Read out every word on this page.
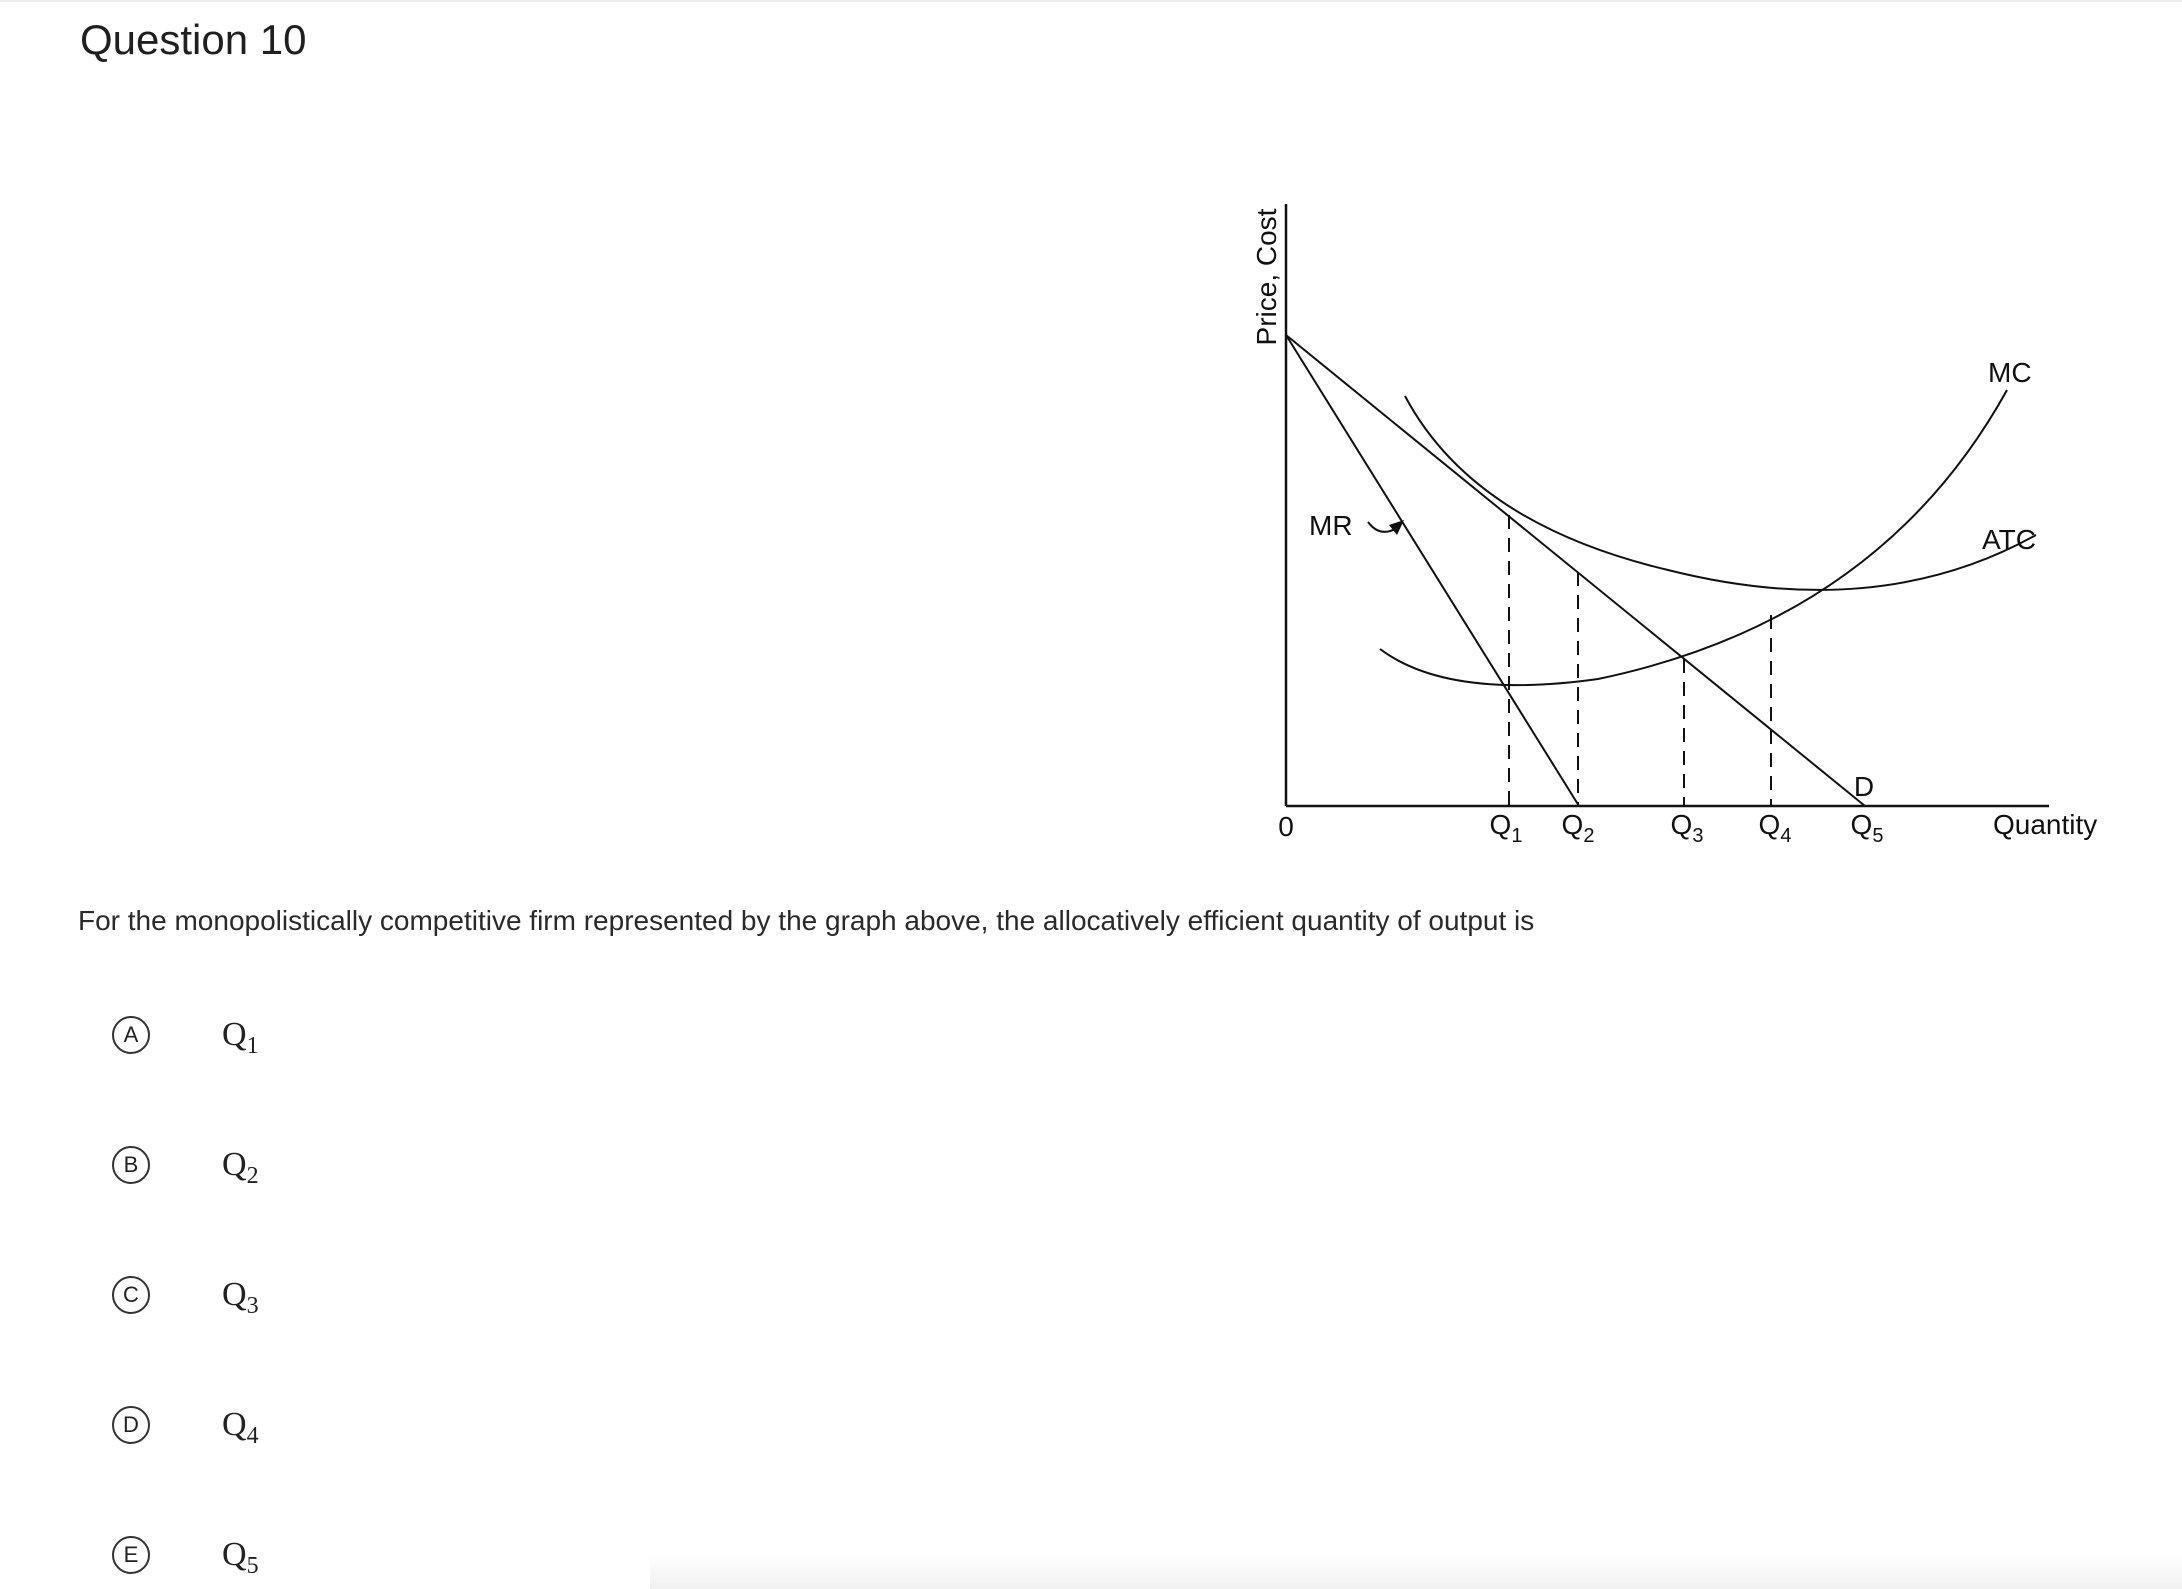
Question 10
Price, Cost
Quantity
0
MC
ATC
MR
D
$Q_1$ $Q_2$	$Q_3$ $Q_4$ $Q_5$

For the monopolistically competitive firm represented by the graph above, the allocatively efficient quantity of output is

A	$Q_1$
B	$Q_2$
C	$Q_3$
D	$Q_4$
E	$Q_5$
